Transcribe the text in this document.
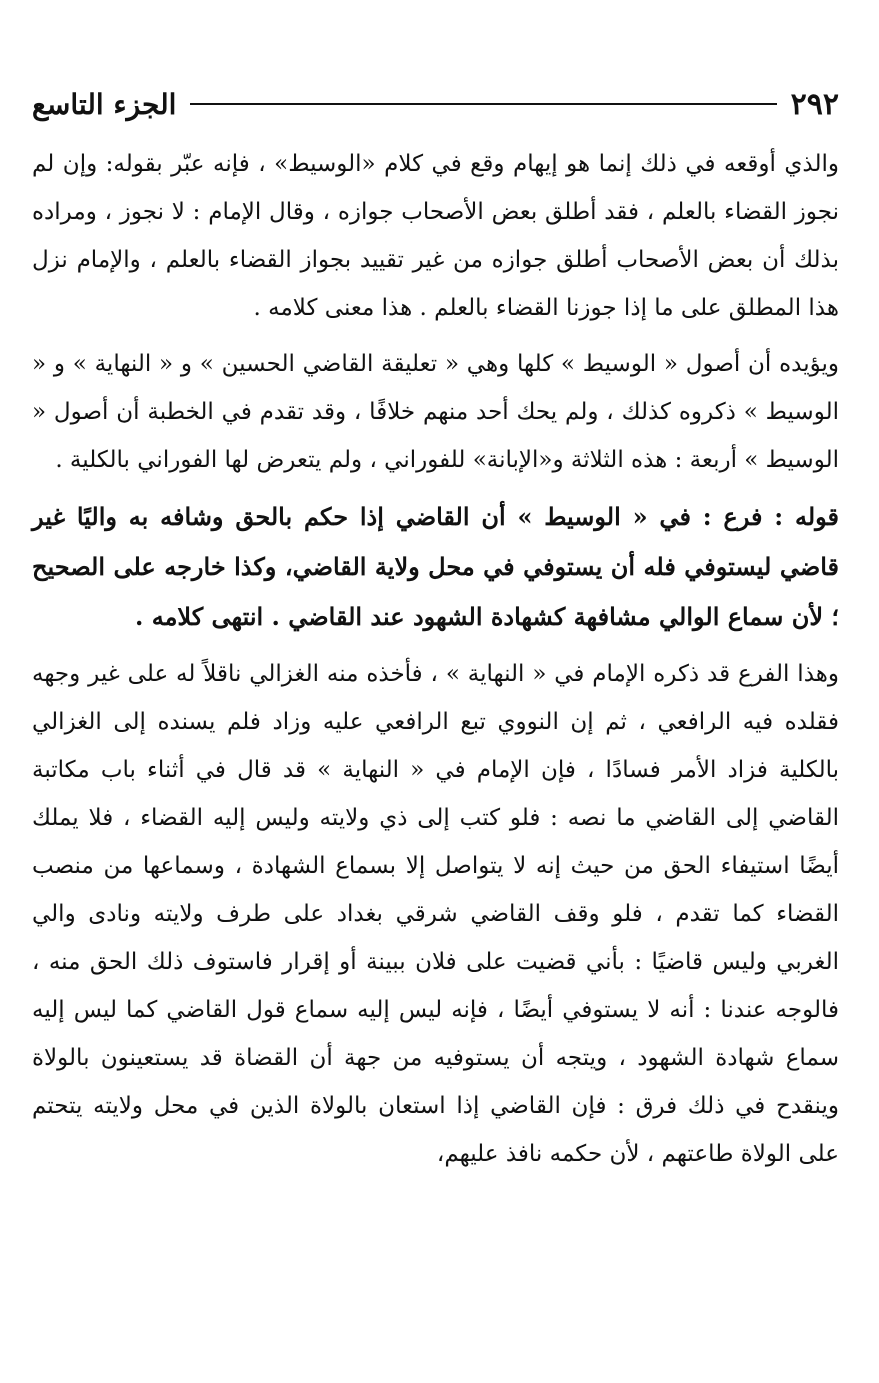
٢٩٢
الجزء التاسع

والذي أوقعه في ذلك إنما هو إيهام وقع في كلام «الوسيط» ، فإنه عبّر بقوله: وإن لم نجوز القضاء بالعلم ، فقد أطلق بعض الأصحاب جوازه ، وقال الإمام : لا نجوز ، ومراده بذلك أن بعض الأصحاب أطلق جوازه من غير تقييد بجواز القضاء بالعلم ، والإمام نزل هذا المطلق على ما إذا جوزنا القضاء بالعلم . هذا معنى كلامه .

ويؤيده أن أصول « الوسيط » كلها وهي « تعليقة القاضي الحسين » و « النهاية » و « الوسيط » ذكروه كذلك ، ولم يحك أحد منهم خلافًا ، وقد تقدم في الخطبة أن أصول « الوسيط » أربعة : هذه الثلاثة و«الإبانة» للفوراني ، ولم يتعرض لها الفوراني بالكلية .

قوله : فرع : في « الوسيط » أن القاضي إذا حكم بالحق وشافه به واليًا غير قاضي ليستوفي فله أن يستوفي في محل ولاية القاضي، وكذا خارجه على الصحيح ؛ لأن سماع الوالي مشافهة كشهادة الشهود عند القاضي . انتهى كلامه .

وهذا الفرع قد ذكره الإمام في « النهاية » ، فأخذه منه الغزالي ناقلاً له على غير وجهه فقلده فيه الرافعي ، ثم إن النووي تبع الرافعي عليه وزاد فلم يسنده إلى الغزالي بالكلية فزاد الأمر فسادًا ، فإن الإمام في « النهاية » قد قال في أثناء باب مكاتبة القاضي إلى القاضي ما نصه : فلو كتب إلى ذي ولايته وليس إليه القضاء ، فلا يملك أيضًا استيفاء الحق من حيث إنه لا يتواصل إلا بسماع الشهادة ، وسماعها من منصب القضاء كما تقدم ، فلو وقف القاضي شرقي بغداد على طرف ولايته ونادى والي الغربي وليس قاضيًا : بأني قضيت على فلان ببينة أو إقرار فاستوف ذلك الحق منه ، فالوجه عندنا : أنه لا يستوفي أيضًا ، فإنه ليس إليه سماع قول القاضي كما ليس إليه سماع شهادة الشهود ، ويتجه أن يستوفيه من جهة أن القضاة قد يستعينون بالولاة وينقدح في ذلك فرق : فإن القاضي إذا استعان بالولاة الذين في محل ولايته يتحتم على الولاة طاعتهم ، لأن حكمه نافذ عليهم،
